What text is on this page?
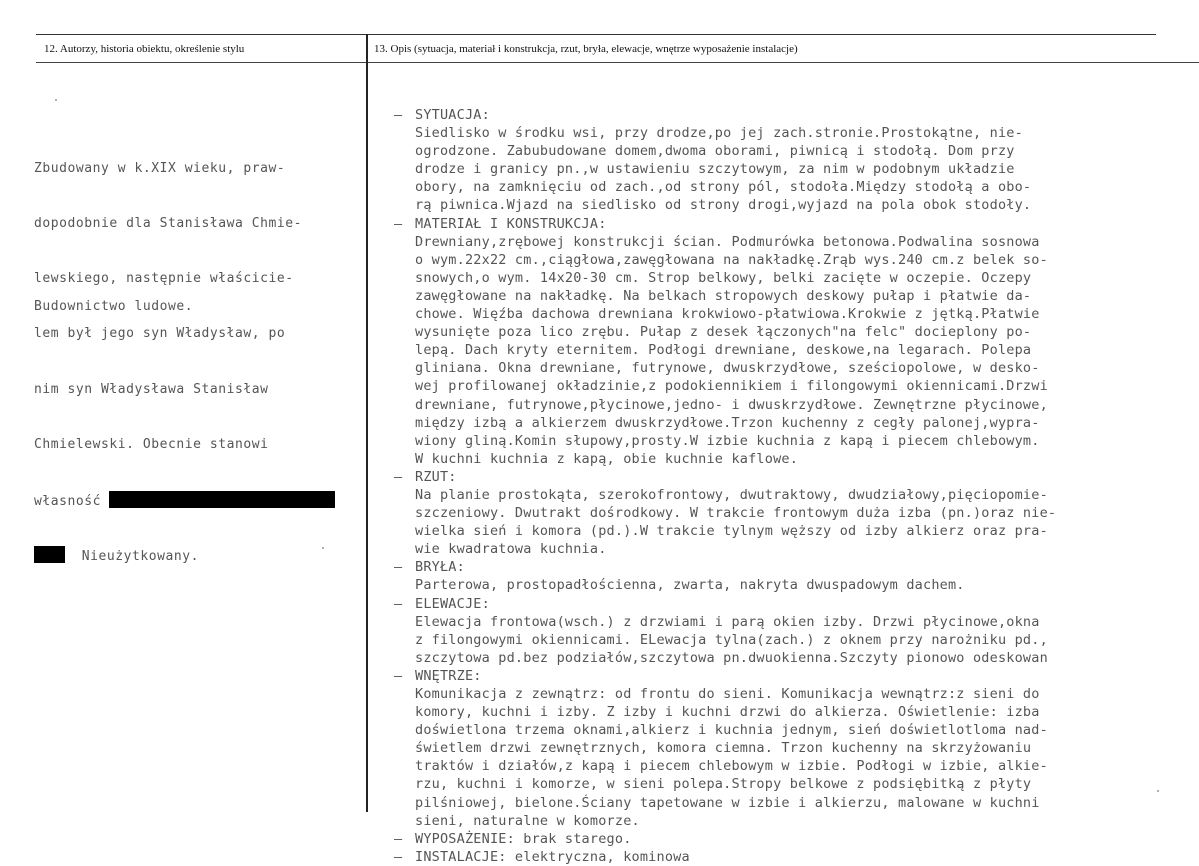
12. Autorzy, historia obiektu, określenie stylu	13. Opis (sytuacja, materiał i konstrukcja, rzut, bryła, elewacje, wnętrze wyposażenie instalacje)

Zbudowany w k.XIX wieku, praw-

dopodobnie dla Stanisława Chmie-

lewskiego, następnie właściciе-

lem był jego syn Władysław, po

nim syn Władysława Stanisław

Chmielewski. Obecnie stanowi

własność

Nieużytkowany.

Budownictwo ludowe.
– SYTUACJA:
Siedlisko w środku wsi, przy drodze,po jej zach.stronie.Prostokątne, nie-
ogrodzone. Zabubudowane domem,dwoma oborami, piwnicą i stodołą. Dom przy
drodze i granicy pn.,w ustawieniu szczytowym, za nim w podobnym układzie
obory, na zamknięciu od zach.,od strony pól, stodoła.Między stodołą a obo-
rą piwnica.Wjazd na siedlisko od strony drogi,wyjazd na pola obok stodoły.
– MATERIAŁ I KONSTRUKCJA:
Drewniany,zrębowej konstrukcji ścian. Podmurówka betonowa.Podwalina sosnowa
o wym.22x22 cm.,ciągłowa,zawęgłowana na nakładkę.Zrąb wys.240 cm.z belek so-
snowych,o wym. 14x20-30 cm. Strop belkowy, belki zacięte w oczepie. Oczepy
zawęgłowane na nakładkę. Na belkach stropowych deskowy pułap i płatwie da-
chowe. Więźba dachowa drewniana krokwiowo-płatwiowa.Krokwie z jętką.Płatwie
wysunięte poza lico zrębu. Pułap z desek łączonych"na felc" docieplony po-
lepą. Dach kryty eternitem. Podłogi drewniane, deskowe,na legarach. Polepa
gliniana. Okna drewniane, futrynowe, dwuskrzydłowe, sześciopolowe, w desko-
wej profilowanej okładzinie,z podokiennikiem i filongowymi okiennicami.Drzwi
drewniane, futrynowe,płycinowe,jedno- i dwuskrzydłowe. Zewnętrzne płycinowe,
między izbą a alkierzem dwuskrzydłowe.Trzon kuchenny z cegły palonej,wypra-
wiony gliną.Komin słupowy,prosty.W izbie kuchnia z kapą i piecem chlebowym.
W kuchni kuchnia z kapą, obie kuchnie kaflowe.
– RZUT:
Na planie prostokąta, szerokofrontowy, dwutraktowy, dwudziałowy,pięciopomie-
szczeniowy. Dwutrakt dośrodkowy. W trakcie frontowym duża izba (pn.)oraz nie-
wielka sień i komora (pd.).W trakcie tylnym węższy od izby alkierz oraz pra-
wie kwadratowa kuchnia.
– BRYŁA:
Parterowa, prostopadłościenna, zwarta, nakryta dwuspadowym dachem.
– ELEWACJE:
Elewacja frontowa(wsch.) z drzwiami i parą okien izby. Drzwi płycinowe,okna
z filongowymi okiennicami. ELewacja tylna(zach.) z oknem przy narożniku pd.,
szczytowa pd.bez podziałów,szczytowa pn.dwuokienna.Szczyty pionowo odeskowan
– WNĘTRZE:
Komunikacja z zewnątrz: od frontu do sieni. Komunikacja wewnątrz:z sieni do
komory, kuchni i izby. Z izby i kuchni drzwi do alkierza. Oświetlenie: izba
doświetlona trzema oknami,alkierz i kuchnia jednym, sień doświetlotloma nad-
świetlem drzwi zewnętrznych, komora ciemna. Trzon kuchenny na skrzyżowaniu
traktów i działów,z kapą i piecem chlebowym w izbie. Podłogi w izbie, alkie-
rzu, kuchni i komorze, w sieni polepa.Stropy belkowe z podsiębitką z płyty
pilśniowej, bielone.Ściany tapetowane w izbie i alkierzu, malowane w kuchni
sieni, naturalne w komorze.
– WYPOSAŻENIE: brak starego.
– INSTALACJE: elektryczna, kominowa
